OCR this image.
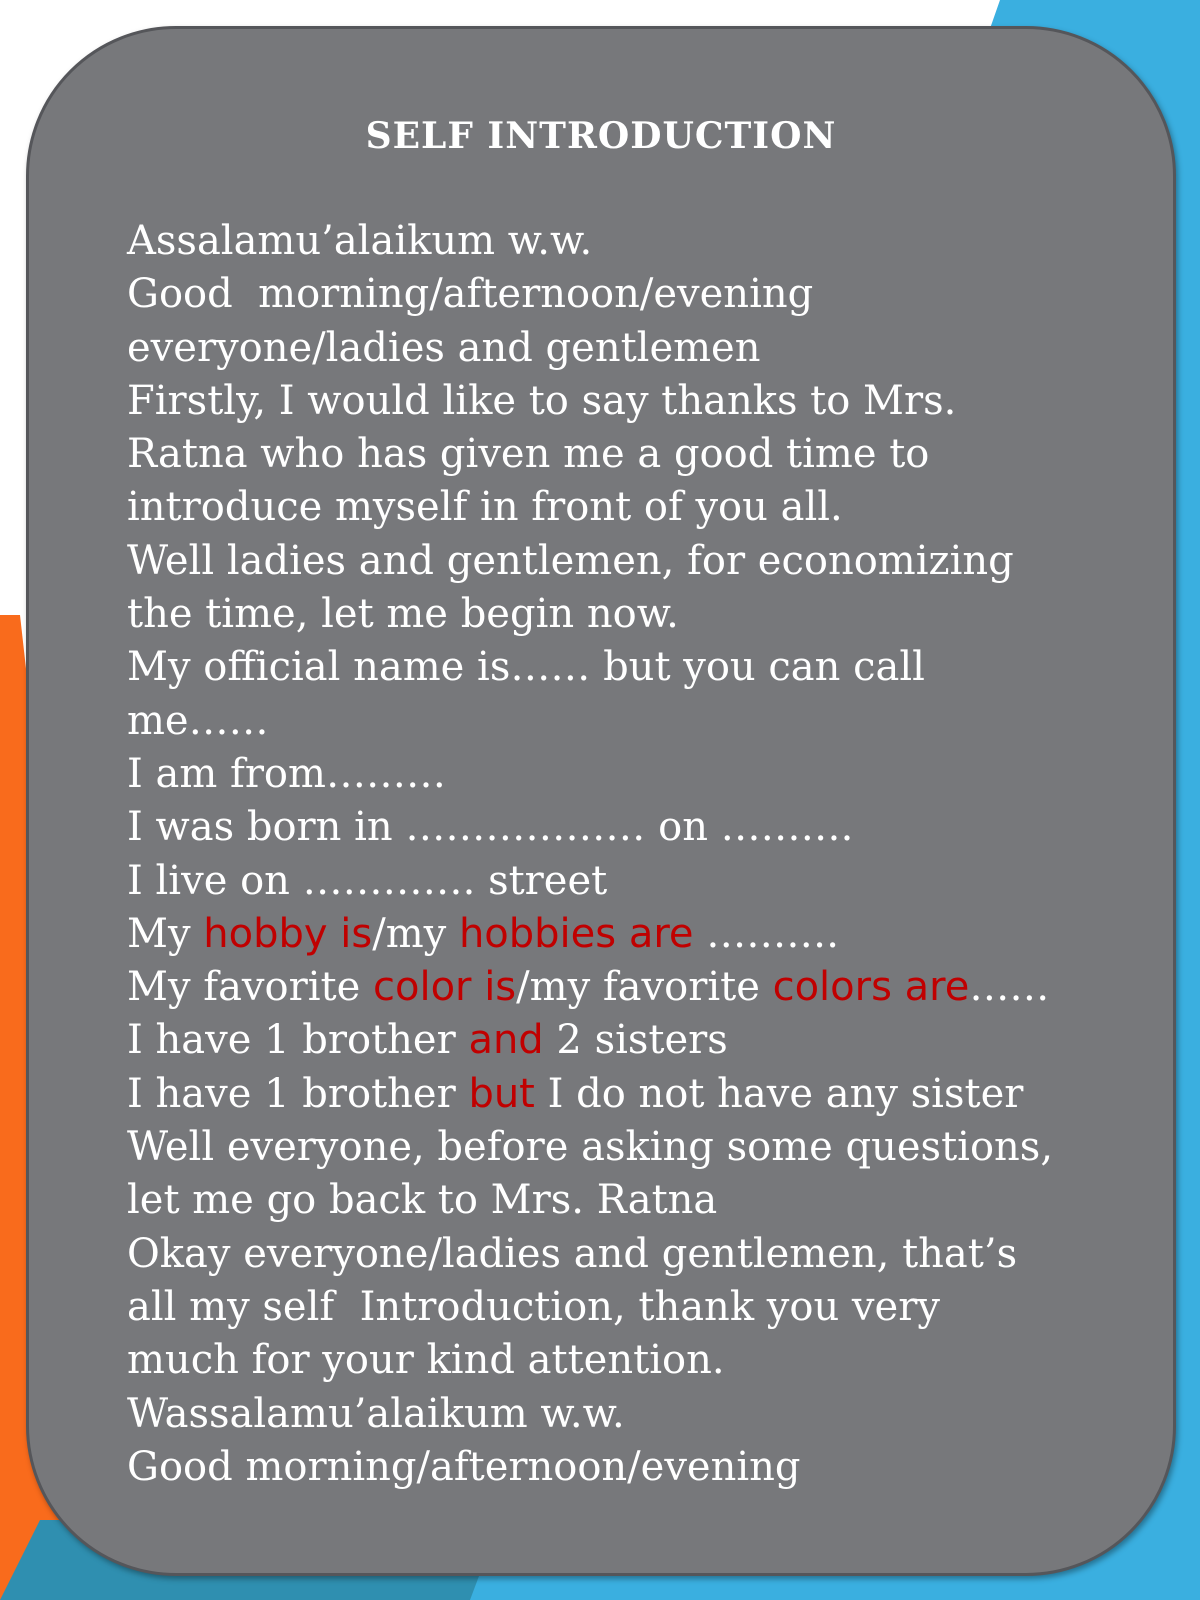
SELF INTRODUCTION
Assalamu’alaikum w.w.
Good  morning/afternoon/evening
everyone/ladies and gentlemen
Firstly, I would like to say thanks to Mrs.
Ratna who has given me a good time to
introduce myself in front of you all.
Well ladies and gentlemen, for economizing
the time, let me begin now.
My official name is…… but you can call
me……
I am from………
I was born in ……………… on ……….
I live on …………. street
My hobby is/my hobbies are ……….
My favorite color is/my favorite colors are……
I have 1 brother and 2 sisters
I have 1 brother but I do not have any sister
Well everyone, before asking some questions,
let me go back to Mrs. Ratna
Okay everyone/ladies and gentlemen, that’s
all my self  Introduction, thank you very
much for your kind attention.
Wassalamu’alaikum w.w.
Good morning/afternoon/evening
